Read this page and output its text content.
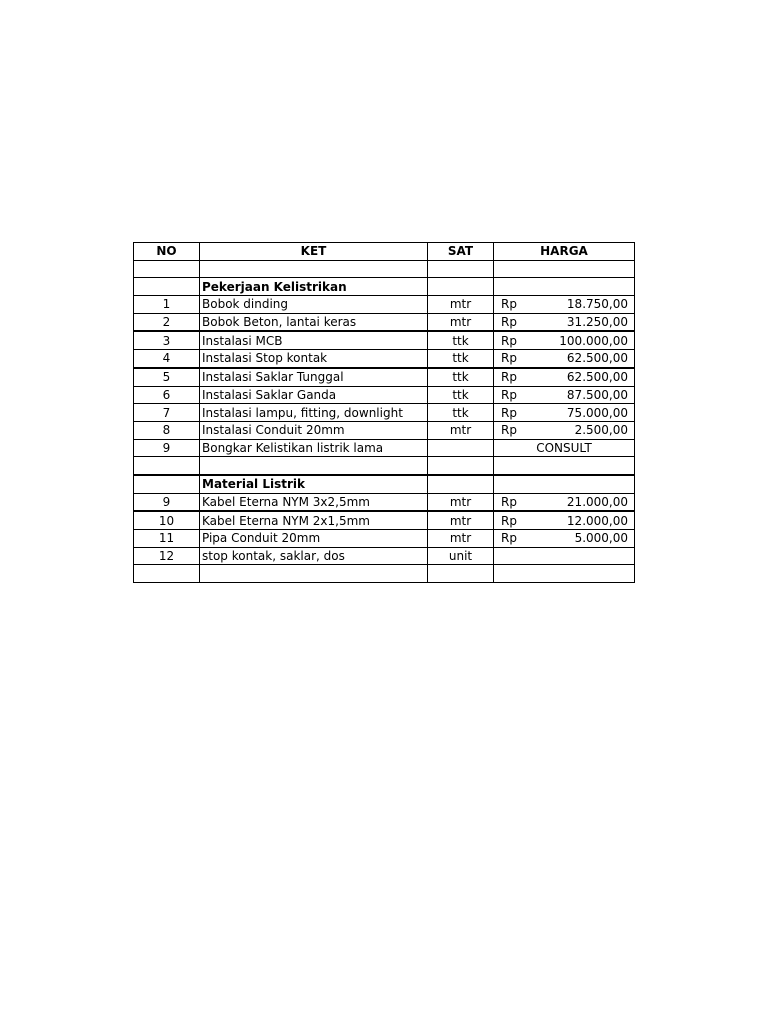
NO	KET	SAT	HARGA

	Pekerjaan Kelistrikan		
1	Bobok dinding	mtr	Rp 18.750,00

2	Bobok Beton, lantai keras	mtr	Rp 31.250,00

3	Instalasi MCB	ttk	Rp 100.000,00

4	Instalasi Stop kontak	ttk	Rp 62.500,00

5	Instalasi Saklar Tunggal	ttk	Rp 62.500,00

6	Instalasi Saklar Ganda	ttk	Rp 87.500,00

7	Instalasi lampu, fitting, downlight	ttk	Rp 75.000,00

8	Instalasi Conduit 20mm	mtr	Rp 2.500,00

9	Bongkar Kelistikan listrik lama		CONSULT

	Material Listrik		
9	Kabel Eterna NYM 3x2,5mm	mtr	Rp 21.000,00

10	Kabel Eterna NYM 2x1,5mm	mtr	Rp 12.000,00

11	Pipa Conduit 20mm	mtr	Rp 5.000,00

12	stop kontak, saklar, dos	unit	
